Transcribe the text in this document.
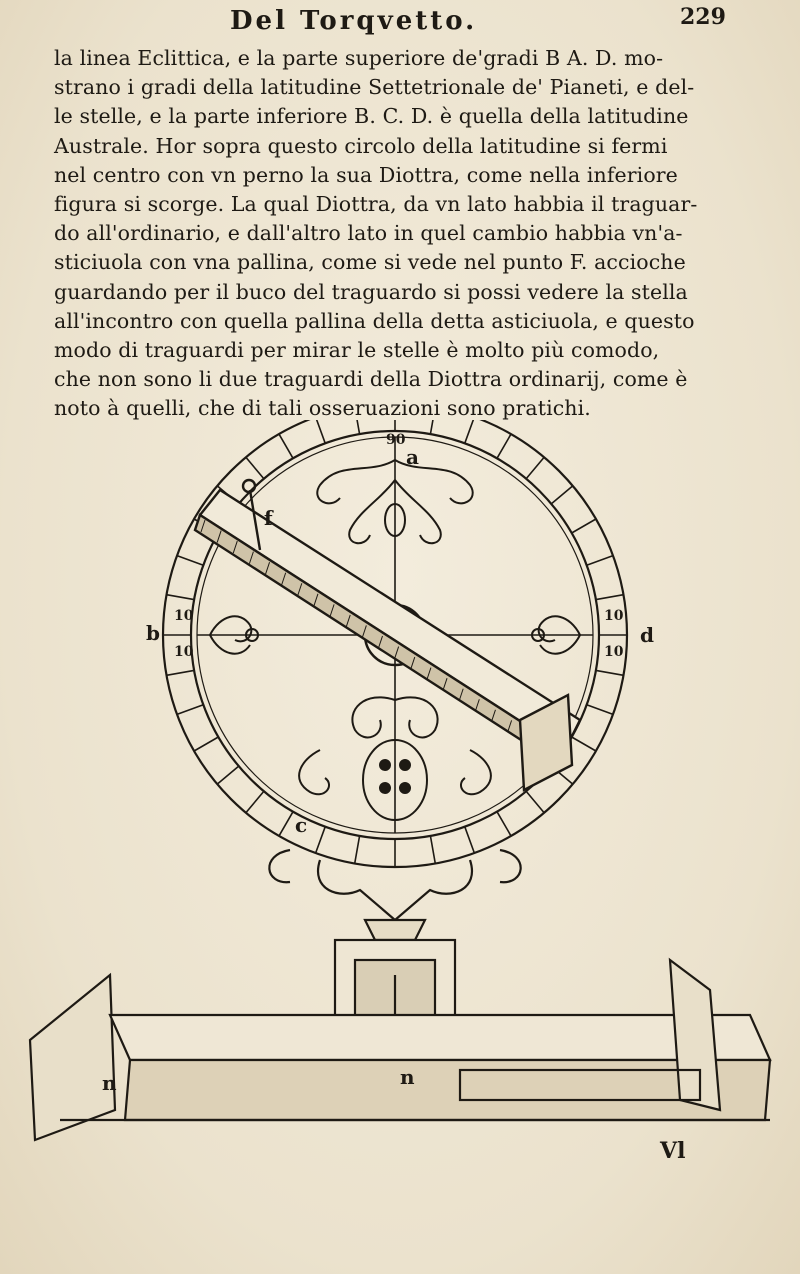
Del Torqvetto.	229
la linea Eclittica, e la parte superiore de'gradi B A. D. mo-
strano i gradi della latitudine Settetrionale de' Pianeti, e del-
le stelle, e la parte inferiore B. C. D. è quella della latitudine
Australe. Hor sopra questo circolo della latitudine si fermi
nel centro con vn perno la sua Diottra, come nella inferiore
figura si scorge. La qual Diottra, da vn lato habbia il traguar-
do all'ordinario, e dall'altro lato in quel cambio habbia vn'a-
sticiuola con vna pallina, come si vede nel punto F. accioche
guardando per il buco del traguardo si possi vedere la stella
all'incontro con quella pallina della detta asticiuola, e questo
modo di traguardi per mirar le stelle è molto più comodo,
che non sono li due traguardi della Diottra ordinarij, come è
noto à quelli, che di tali osseruazioni sono pratichi.
90
10
10
10
10
a
b	d
c
f
n	n
Vl
